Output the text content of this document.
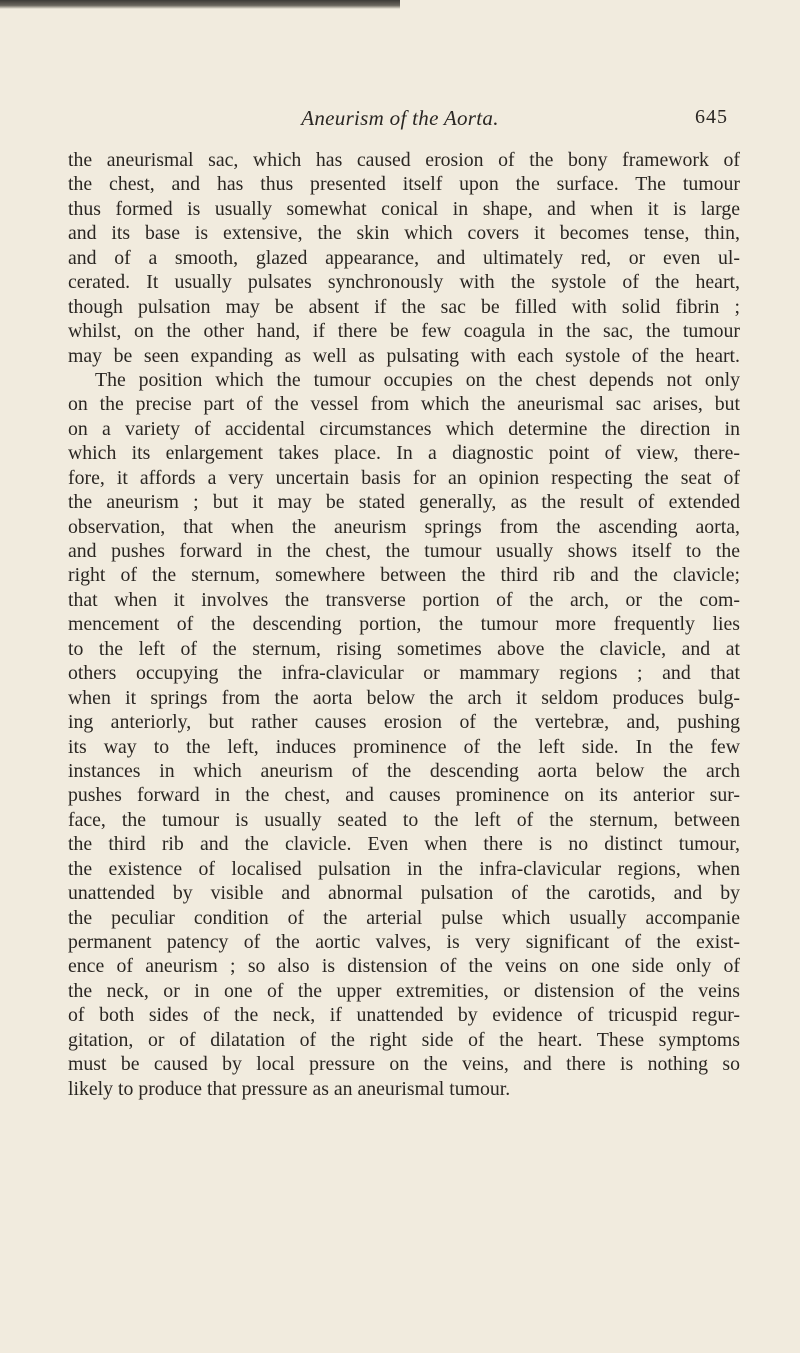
Aneurism of the Aorta.	645
the aneurismal sac, which has caused erosion of the bony framework of
the chest, and has thus presented itself upon the surface. The tumour
thus formed is usually somewhat conical in shape, and when it is large
and its base is extensive, the skin which covers it becomes tense, thin,
and of a smooth, glazed appearance, and ultimately red, or even ul-
cerated. It usually pulsates synchronously with the systole of the heart,
though pulsation may be absent if the sac be filled with solid fibrin ;
whilst, on the other hand, if there be few coagula in the sac, the tumour
may be seen expanding as well as pulsating with each systole of the heart.
The position which the tumour occupies on the chest depends not only
on the precise part of the vessel from which the aneurismal sac arises, but
on a variety of accidental circumstances which determine the direction in
which its enlargement takes place. In a diagnostic point of view, there-
fore, it affords a very uncertain basis for an opinion respecting the seat of
the aneurism ; but it may be stated generally, as the result of extended
observation, that when the aneurism springs from the ascending aorta,
and pushes forward in the chest, the tumour usually shows itself to the
right of the sternum, somewhere between the third rib and the clavicle;
that when it involves the transverse portion of the arch, or the com-
mencement of the descending portion, the tumour more frequently lies
to the left of the sternum, rising sometimes above the clavicle, and at
others occupying the infra-clavicular or mammary regions ; and that
when it springs from the aorta below the arch it seldom produces bulg-
ing anteriorly, but rather causes erosion of the vertebræ, and, pushing
its way to the left, induces prominence of the left side. In the few
instances in which aneurism of the descending aorta below the arch
pushes forward in the chest, and causes prominence on its anterior sur-
face, the tumour is usually seated to the left of the sternum, between
the third rib and the clavicle. Even when there is no distinct tumour,
the existence of localised pulsation in the infra-clavicular regions, when
unattended by visible and abnormal pulsation of the carotids, and by
the peculiar condition of the arterial pulse which usually accompanie
permanent patency of the aortic valves, is very significant of the exist-
ence of aneurism ; so also is distension of the veins on one side only of
the neck, or in one of the upper extremities, or distension of the veins
of both sides of the neck, if unattended by evidence of tricuspid regur-
gitation, or of dilatation of the right side of the heart. These symptoms
must be caused by local pressure on the veins, and there is nothing so
likely to produce that pressure as an aneurismal tumour.
